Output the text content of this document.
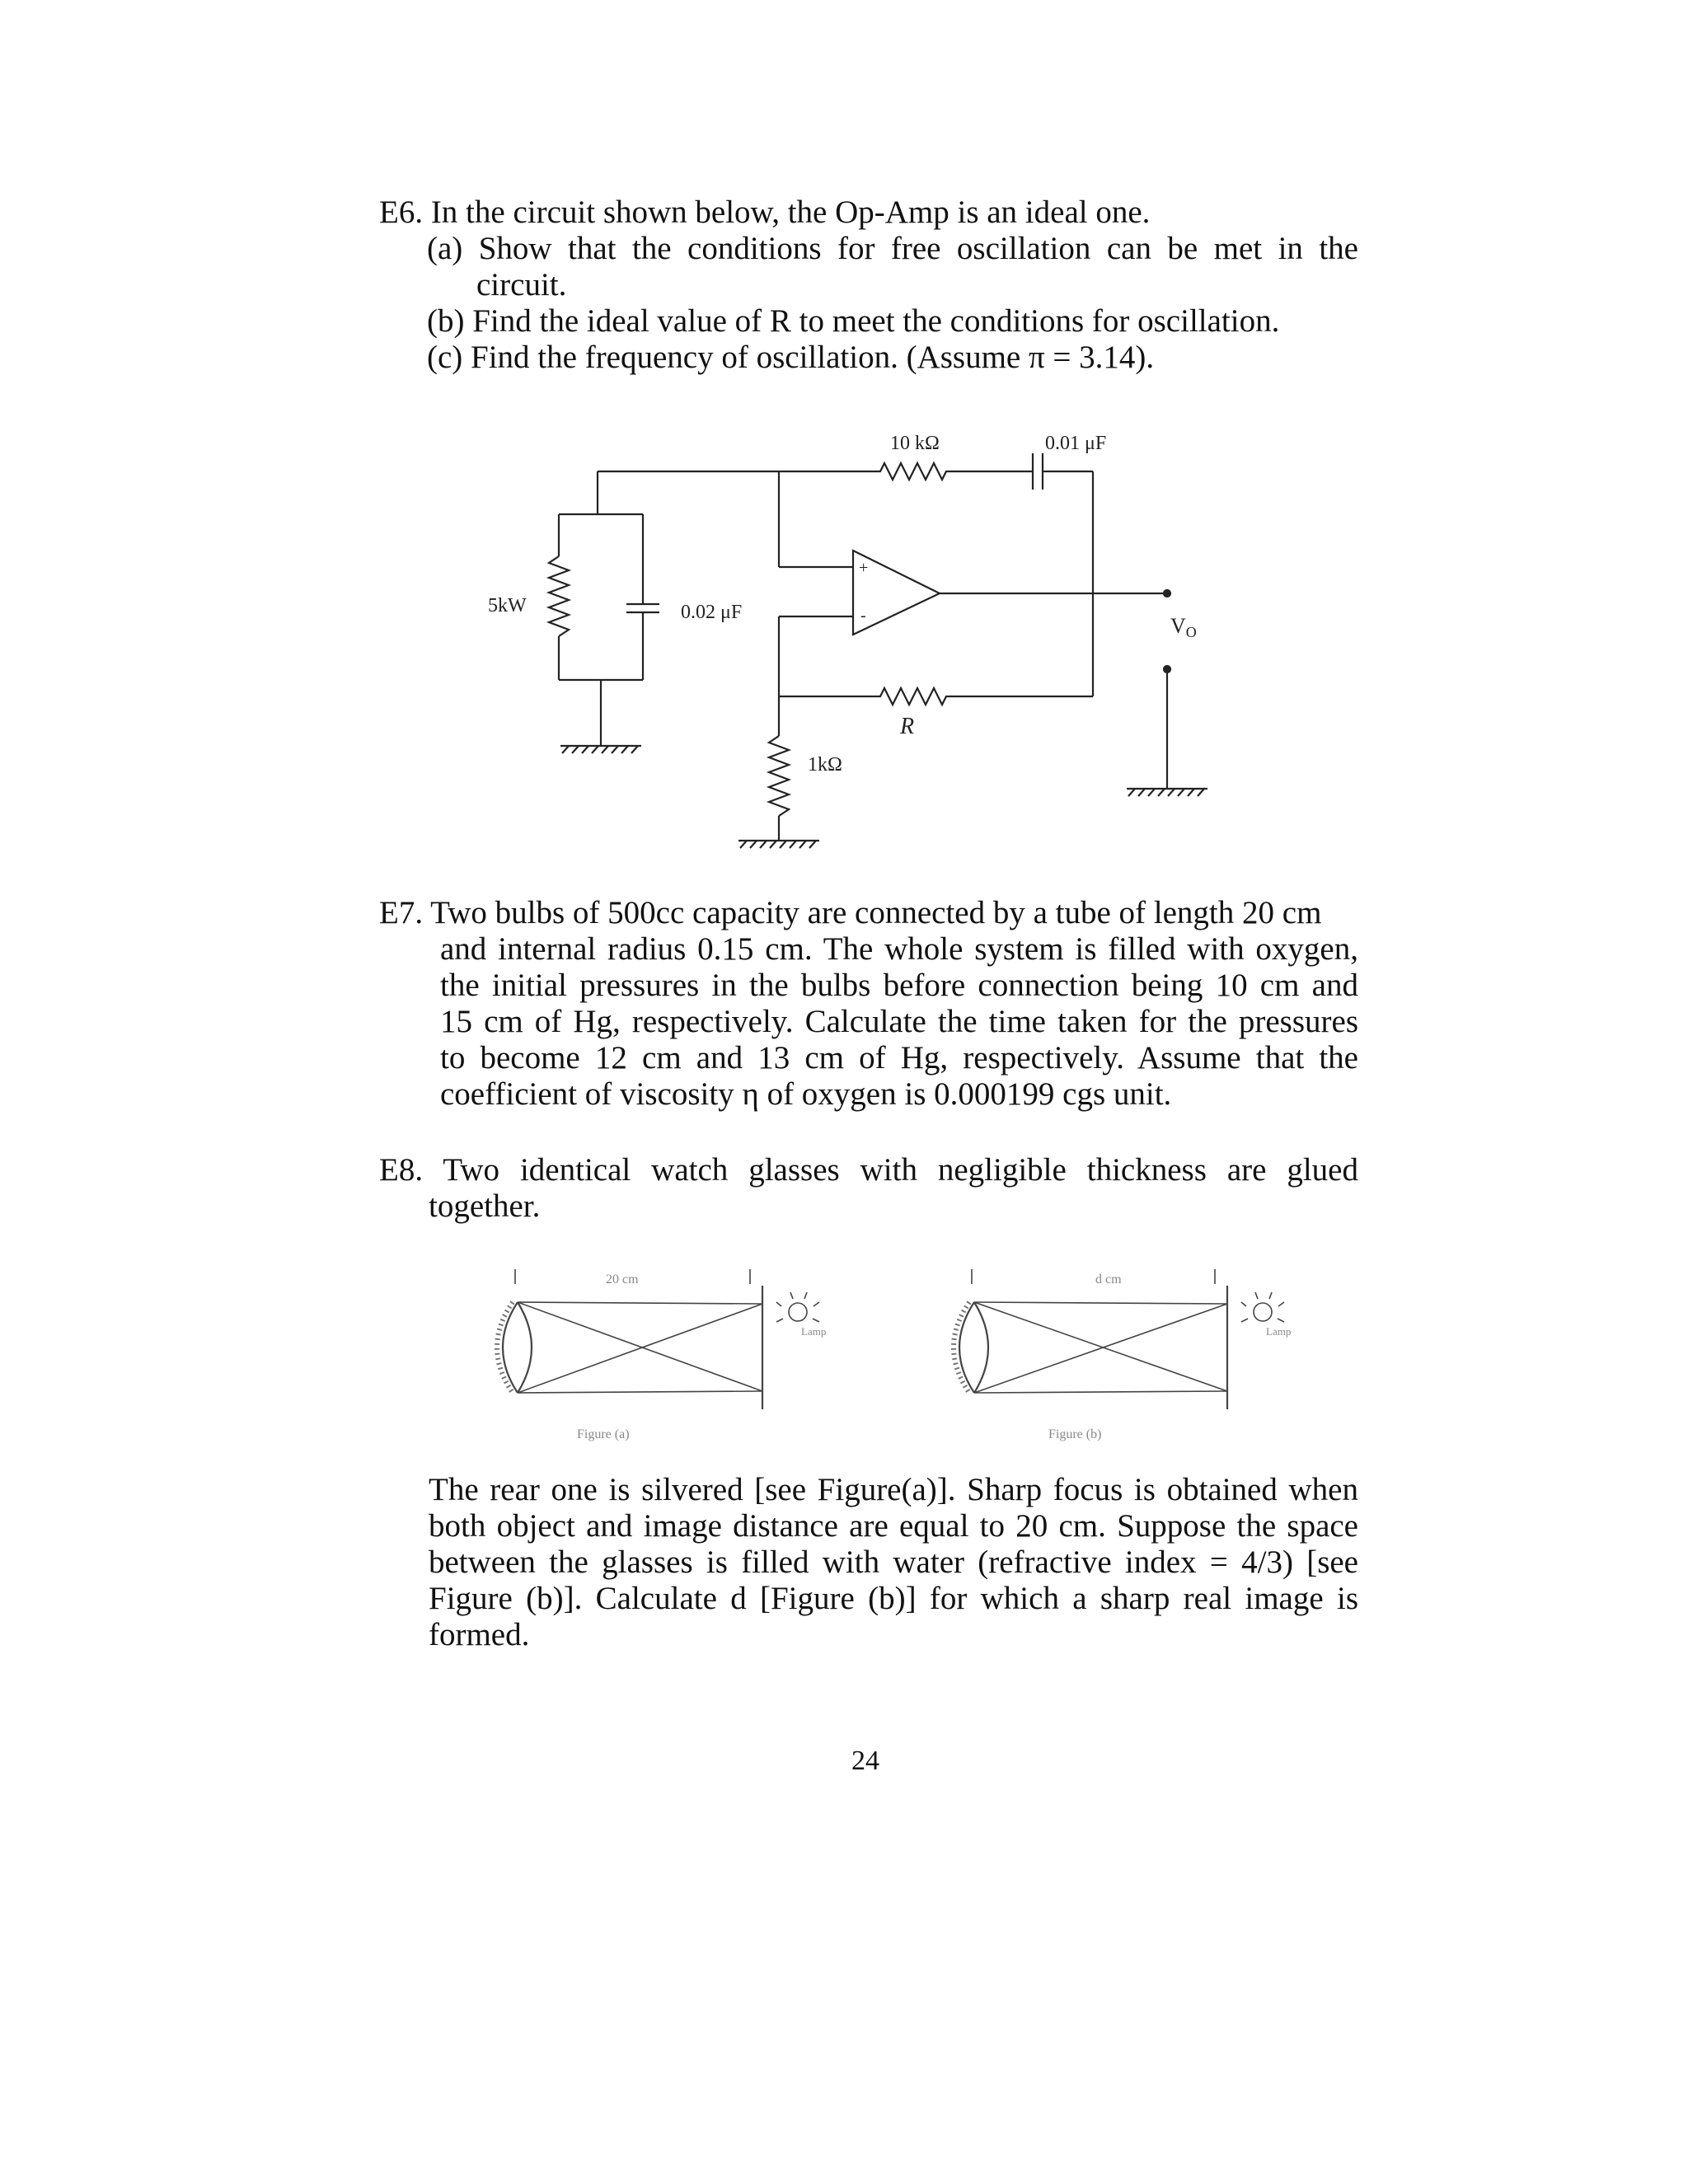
E6. In the circuit shown below, the Op-Amp is an ideal one.
(a) Show that the conditions for free oscillation can be met in the
circuit.
(b) Find the ideal value of R to meet the conditions for oscillation.
(c) Find the frequency of oscillation. (Assume π = 3.14).
10 kΩ	0.01 μF
5kW	0.02 μF
1kΩ
R
+
-	VO
E7. Two bulbs of 500cc capacity are connected by a tube of length 20 cm
and internal radius 0.15 cm. The whole system is filled with oxygen,
the initial pressures in the bulbs before connection being 10 cm and
15 cm of Hg, respectively. Calculate the time taken for the pressures
to become 12 cm and 13 cm of Hg, respectively. Assume that the
coefficient of viscosity η of oxygen is 0.000199 cgs unit.
E8. Two identical watch glasses with negligible thickness are glued
together.
20 cm
Lamp
Figure (a)
d cm
Lamp
Figure (b)
The rear one is silvered [see Figure(a)]. Sharp focus is obtained when
both object and image distance are equal to 20 cm. Suppose the space
between the glasses is filled with water (refractive index = 4/3) [see
Figure (b)]. Calculate d [Figure (b)] for which a sharp real image is
formed.
24
